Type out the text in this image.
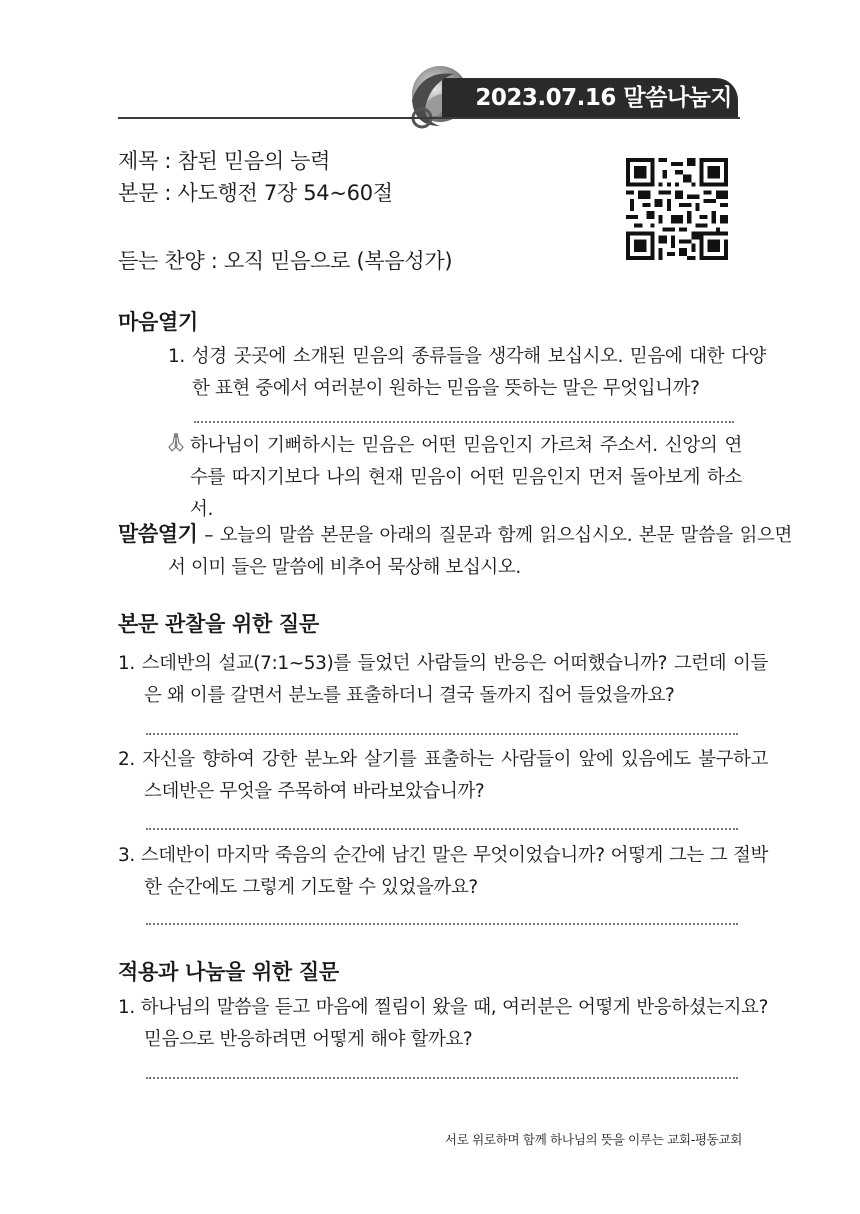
2023.07.16 말씀나눔지
제목 : 참된 믿음의 능력
본문 : 사도행전 7장 54~60절
듣는 찬양 : 오직 믿음으로 (복음성가)
마음열기
1. 성경 곳곳에 소개된 믿음의 종류들을 생각해 보십시오. 믿음에 대한 다양한 표현 중에서 여러분이 원하는 믿음을 뜻하는 말은 무엇입니까?
하나님이 기뻐하시는 믿음은 어떤 믿음인지 가르쳐 주소서. 신앙의 연수를 따지기보다 나의 현재 믿음이 어떤 믿음인지 먼저 돌아보게 하소서.
말씀열기 – 오늘의 말씀 본문을 아래의 질문과 함께 읽으십시오. 본문 말씀을 읽으면서 이미 들은 말씀에 비추어 묵상해 보십시오.
본문 관찰을 위한 질문
1. 스데반의 설교(7:1~53)를 들었던 사람들의 반응은 어떠했습니까? 그런데 이들은 왜 이를 갈면서 분노를 표출하더니 결국 돌까지 집어 들었을까요?
2. 자신을 향하여 강한 분노와 살기를 표출하는 사람들이 앞에 있음에도 불구하고 스데반은 무엇을 주목하여 바라보았습니까?
3. 스데반이 마지막 죽음의 순간에 남긴 말은 무엇이었습니까? 어떻게 그는 그 절박한 순간에도 그렇게 기도할 수 있었을까요?
적용과 나눔을 위한 질문
1. 하나님의 말씀을 듣고 마음에 찔림이 왔을 때, 여러분은 어떻게 반응하셨는지요? 믿음으로 반응하려면 어떻게 해야 할까요?
서로 위로하며 함께 하나님의 뜻을 이루는 교회-평동교회
